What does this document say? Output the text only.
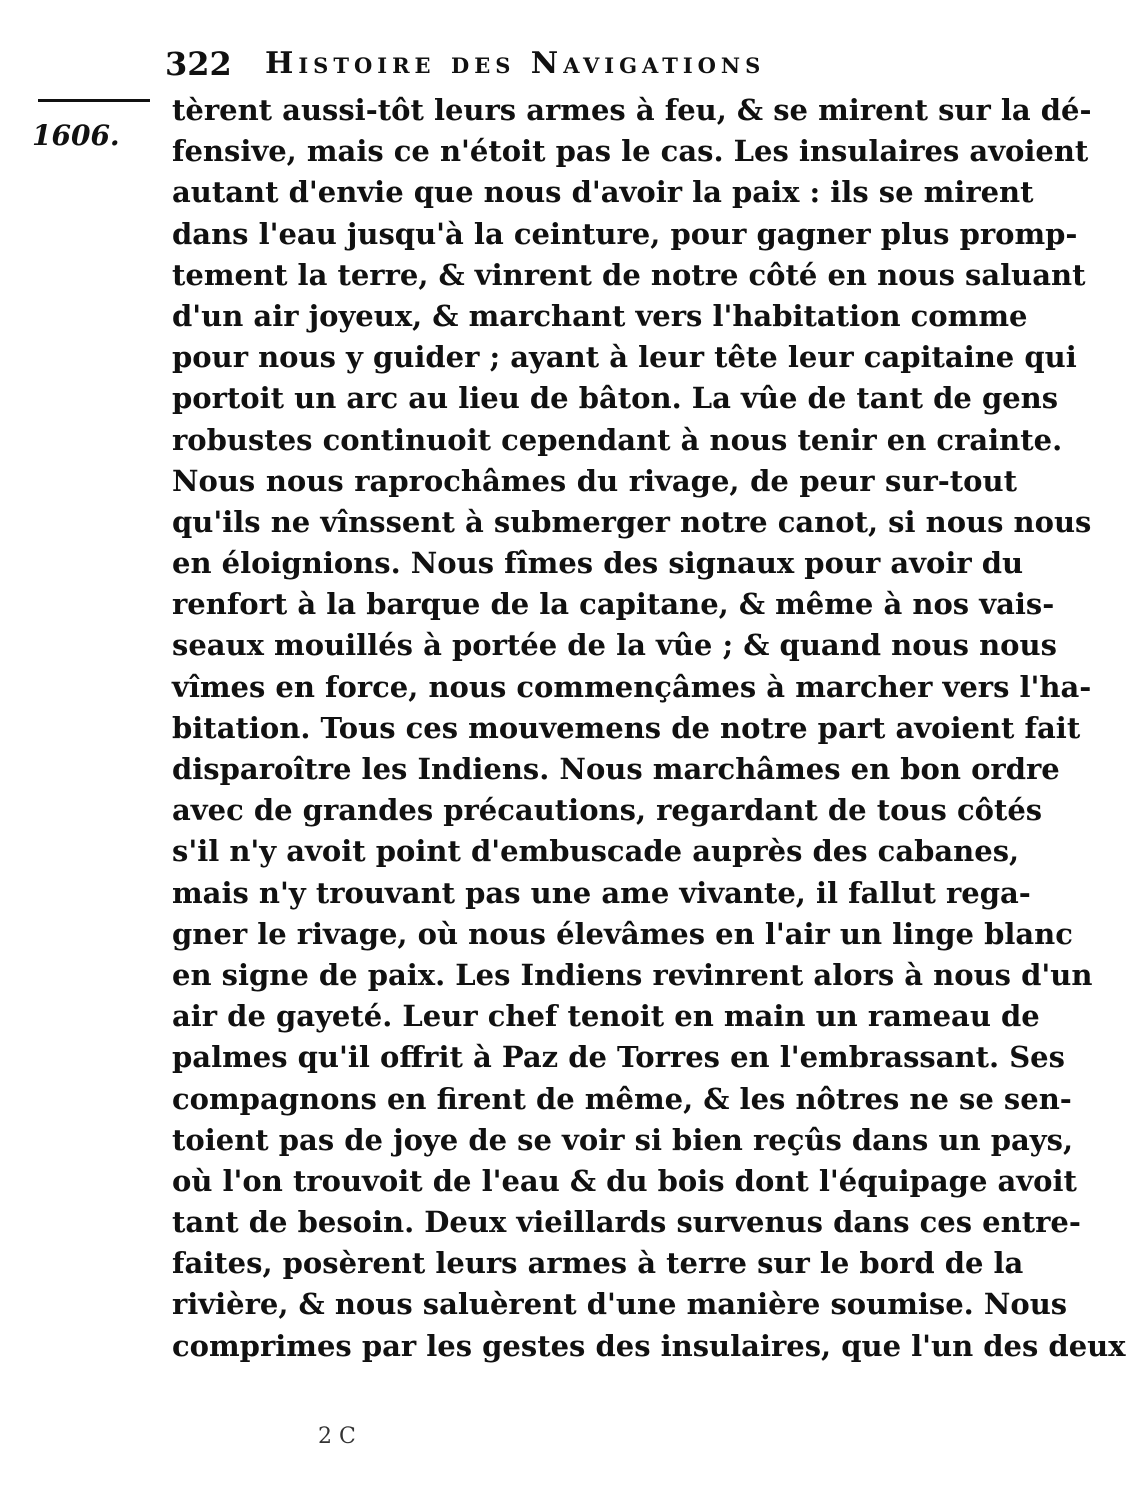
322 Histoire des Navigations
1606.
tèrent aussi-tôt leurs armes à feu, & se mirent sur la dé-
fensive, mais ce n'étoit pas le cas. Les insulaires avoient
autant d'envie que nous d'avoir la paix : ils se mirent
dans l'eau jusqu'à la ceinture, pour gagner plus promp-
tement la terre, & vinrent de notre côté en nous saluant
d'un air joyeux, & marchant vers l'habitation comme
pour nous y guider ; ayant à leur tête leur capitaine qui
portoit un arc au lieu de bâton. La vûe de tant de gens
robustes continuoit cependant à nous tenir en crainte.
Nous nous raprochâmes du rivage, de peur sur-tout
qu'ils ne vînssent à submerger notre canot, si nous nous
en éloignions. Nous fîmes des signaux pour avoir du
renfort à la barque de la capitane, & même à nos vais-
seaux mouillés à portée de la vûe ; & quand nous nous
vîmes en force, nous commençâmes à marcher vers l'ha-
bitation. Tous ces mouvemens de notre part avoient fait
disparoître les Indiens. Nous marchâmes en bon ordre
avec de grandes précautions, regardant de tous côtés
s'il n'y avoit point d'embuscade auprès des cabanes,
mais n'y trouvant pas une ame vivante, il fallut rega-
gner le rivage, où nous élevâmes en l'air un linge blanc
en signe de paix. Les Indiens revinrent alors à nous d'un
air de gayeté. Leur chef tenoit en main un rameau de
palmes qu'il offrit à Paz de Torres en l'embrassant. Ses
compagnons en firent de même, & les nôtres ne se sen-
toient pas de joye de se voir si bien reçûs dans un pays,
où l'on trouvoit de l'eau & du bois dont l'équipage avoit
tant de besoin. Deux vieillards survenus dans ces entre-
faites, posèrent leurs armes à terre sur le bord de la
rivière, & nous saluèrent d'une manière soumise. Nous
comprimes par les gestes des insulaires, que l'un des deux
2 C
